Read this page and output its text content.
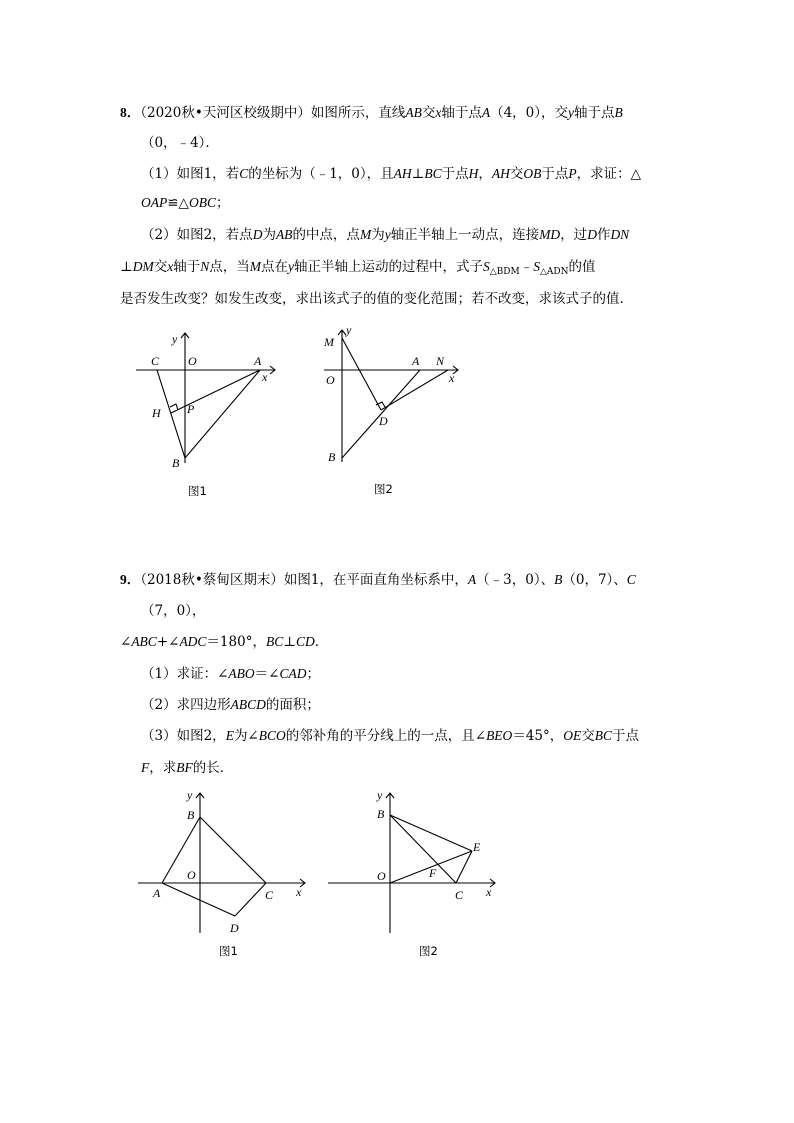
8．（2020秋•天河区校级期中）如图所示，直线AB交x轴于点A（4，0），交y轴于点B
（0，﹣4）．
（1）如图1，若C的坐标为（﹣1，0），且AH⊥BC于点H，AH交OB于点P，求证：△
OAP≌△OBC；
（2）如图2，若点D为AB的中点，点M为y轴正半轴上一动点，连接MD，过D作DN
⊥DM交x轴于N点，当M点在y轴正半轴上运动的过程中，式子$S_{\triangle BDM}﹣S_{\triangle ADN}$的值
是否发生改变？如发生改变，求出该式子的值的变化范围；若不改变，求该式子的值．
y
C O	A
x
H P
B
图1
y
M
O
A N
x
D
B
图2
9．（2018秋•蔡甸区期末）如图1，在平面直角坐标系中，A（﹣3，0）、B（0，7）、C
（7，0），
∠ABC+∠ADC＝180°，BC⊥CD．
（1）求证：∠ABO＝∠CAD；
（2）求四边形ABCD的面积；
（3）如图2，E为∠BCO的邻补角的平分线上的一点，且∠BEO＝45°，OE交BC于点
F，求BF的长．
y
B
O
A	C x
D
图1
y
B
E
O	F
C x
图2
